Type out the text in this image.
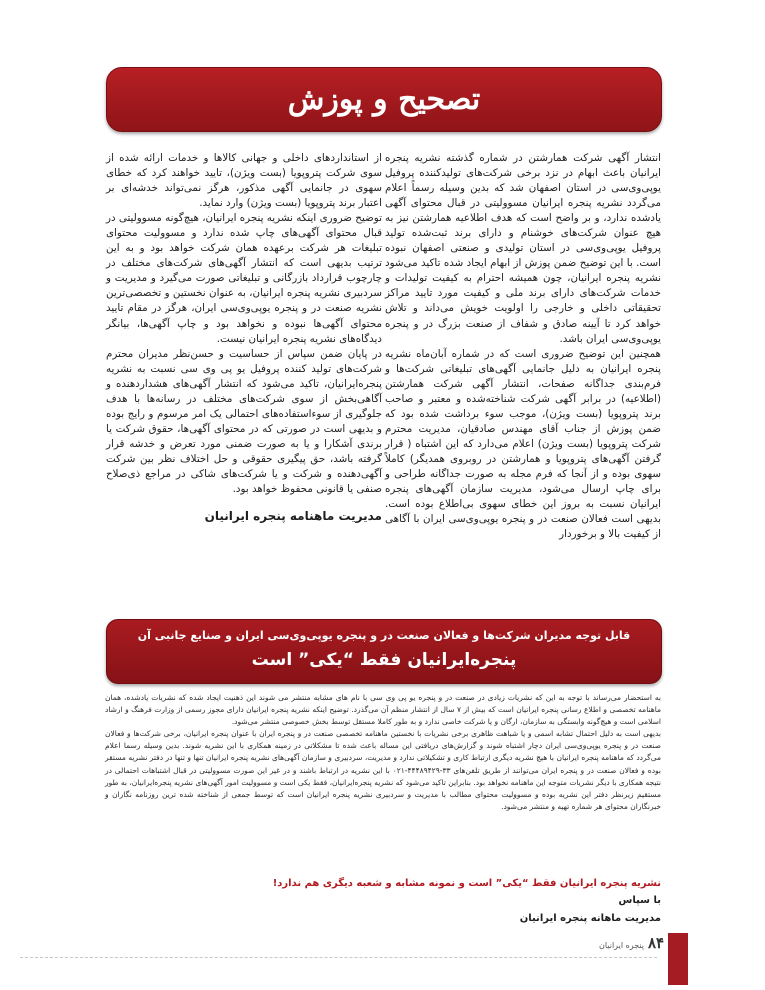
تصحیح و پوزش

انتشار آگهی شرکت همارشتن در شماره گذشته نشریه پنجره ایرانیان باعث ابهام در نزد برخی شرکت‌های تولیدکننده پروفیل یوپی‌وی‌سی در استان اصفهان شد که بدین وسیله رسماً اعلام می‌گردد نشریه پنجره ایرانیان مسوولیتی در قبال محتوای آگهی یادشده ندارد، و بر واضح است که هدف اطلاعیه همارشتن نیز به هیچ عنوان شرکت‌های خوشنام و دارای برند ثبت‌شده تولید پروفیل یوپی‌وی‌سی در استان تولیدی و صنعتی اصفهان نبوده است. با این توضیح ضمن پوزش از ابهام ایجاد شده تاکید می‌شود نشریه پنجره ایرانیان، چون همیشه احترام به کیفیت تولیدات و خدمات شرکت‌های دارای برند ملی و کیفیت مورد تایید مراکز تحقیقاتی داخلی و خارجی را اولویت خویش می‌داند و تلاش خواهد کرد تا آیینه صادق و شفاف از صنعت بزرگ در و پنجره یوپی‌وی‌سی ایران باشد.

همچنین این توضیح ضروری است که در شماره آبان‌ماه نشریه پنجره ایرانیان به دلیل جانمایی آگهی‌های تبلیغاتی شرکت‌ها و فرم‌بندی جداگانه صفحات، انتشار آگهی شرکت همارشتن (اطلاعیه) در برابر آگهی شرکت شناخته‌شده و معتبر و صاحب برند پتروپویا (بست ویژن)، موجب سوء برداشت شده بود که ضمن پوزش از جناب آقای مهندس صادقیان، مدیریت محترم شرکت پتروپویا (بست ویژن) اعلام می‌دارد که این اشتباه ( قرار گرفتن آگهی‌های پتروپویا و همارشتن در روبروی همدیگر) کاملاً سهوی بوده و از آنجا که فرم مجله به صورت جداگانه طراحی و برای چاپ ارسال می‌شود، مدیریت سازمان آگهی‌های پنجره ایرانیان نسبت به بروز این خطای سهوی بی‌اطلاع بوده است. بدیهی است فعالان صنعت در و پنجره یوپی‌وی‌سی ایران با آگاهی از کیفیت بالا و برخوردار

از استانداردهای داخلی و جهانی کالاها و خدمات ارائه شده از سوی شرکت پتروپویا (بست ویژن)، تایید خواهند کرد که خطای سهوی در جانمایی آگهی مذکور، هرگز نمی‌تواند خدشه‌ای بر اعتبار برند پتروپویا (بست ویژن) وارد نماید.

توضیح ضروری اینکه نشریه پنجره ایرانیان، هیچ‌گونه مسوولیتی در قبال محتوای آگهی‌های چاپ شده ندارد و مسوولیت محتوای تبلیغات هر شرکت برعهده همان شرکت خواهد بود و به این ترتیب بدیهی است که انتشار آگهی‌های شرکت‌های مختلف در چارچوب قرارداد بازرگانی و تبلیغاتی صورت می‌گیرد و مدیریت و سردبیری نشریه پنجره ایرانیان، به عنوان نخستین و تخصصی‌ترین نشریه صنعت در و پنجره یوپی‌وی‌سی ایران، هرگز در مقام تایید محتوای آگهی‌ها نبوده و نخواهد بود و چاپ آگهی‌ها، بیانگر دیدگاه‌های نشریه پنجره ایرانیان نیست.

در پایان ضمن سپاس از حساسیت و حسن‌نظر مدیران محترم شرکت‌های تولید کننده پروفیل یو پی وی سی نسبت به نشریه پنجره‌ایرانیان، تاکید می‌شود که انتشار آگهی‌های هشداردهنده و آگاهی‌بخش از سوی شرکت‌های مختلف در رسانه‌ها با هدف جلوگیری از سوءاستفاده‌های احتمالی یک امر مرسوم و رایج بوده و بدیهی است در صورتی که در محتوای آگهی‌ها، حقوق شرکت یا برندی آشکارا و یا به صورت ضمنی مورد تعرض و خدشه قرار گرفته باشد، حق پیگیری حقوقی و حل اختلاف نظر بین شرکت آگهی‌دهنده و شرکت و یا شرکت‌های شاکی در مراجع ذی‌صلاح صنفی یا قانونی محفوظ خواهد بود.

مدیریت ماهنامه پنجره ایرانیان

قابل توجه مدیران شرکت‌ها و فعالان صنعت در و پنجره یوپی‌وی‌سی ایران و صنایع جانبی آن
پنجره‌ایرانیان فقط “یکی” است

به استحضار می‌رساند با توجه به این که نشریات زیادی در صنعت در و پنجره یو پی وی سی با نام های مشابه منتشر می شوند این ذهنیت ایجاد شده که نشریات یادشده، همان ماهنامه تخصصی و اطلاع رسانی پنجره ایرانیان است که بیش از ۷ سال از انتشار منظم آن می‌گذرد. توضیح اینکه نشریه پنجره ایرانیان دارای مجوز رسمی از وزارت فرهنگ و ارشاد اسلامی است و هیچ‌گونه وابستگی به سازمان، ارگان و یا شرکت خاصی ندارد و به طور کاملا مستقل توسط بخش خصوصی منتشر می‌شود.

بدیهی است به دلیل احتمال تشابه اسمی و یا شباهت ظاهری برخی نشریات با نخستین ماهنامه تخصصی صنعت در و پنجره ایران با عنوان پنجره ایرانیان، برخی شرکت‌ها و فعالان صنعت در و پنجره یوپی‌وی‌سی ایران دچار اشتباه شوند و گزارش‌های دریافتی این مساله باعث شده تا مشکلاتی در زمینه همکاری با این نشریه شوند. بدین وسیله رسما اعلام می‌گردد که ماهنامه پنجره ایرانیان با هیچ نشریه دیگری ارتباط کاری و تشکیلاتی ندارد و مدیریت، سردبیری و سازمان آگهی‌های نشریه پنجره ایرانیان تنها و تنها در دفتر نشریه مستقر بوده و فعالان صنعت در و پنجره ایران می‌توانند از طریق تلفن‌های ۳۳-۴۴۴۸۹۴۲۹-۰۲۱ با این نشریه در ارتباط باشند و در غیر این صورت مسوولیتی در قبال اشتباهات احتمالی در نتیجه همکاری با دیگر نشریات متوجه این ماهنامه نخواهد بود. بنابراین تاکید می‌شود که نشریه پنجره‌ایرانیان، فقط یکی است و مسوولیت امور آگهی‌های نشریه پنجره‌ایرانیان، به طور مستقیم زیرنظر دفتر این نشریه بوده و مسوولیت محتوای مطالب با مدیریت و سردبیری نشریه پنجره ایرانیان است که توسط جمعی از شناخته شده ترین روزنامه نگاران و خبرنگاران محتوای هر شماره تهیه و منتشر می‌شود.

نشریه پنجره ایرانیان فقط “یکی” است و نمونه مشابه و شعبه دیگری هم ندارد!
با سپاس
مدیریت ماهانه پنجره ایرانیان
۸۴
پنجره ایرانیان
